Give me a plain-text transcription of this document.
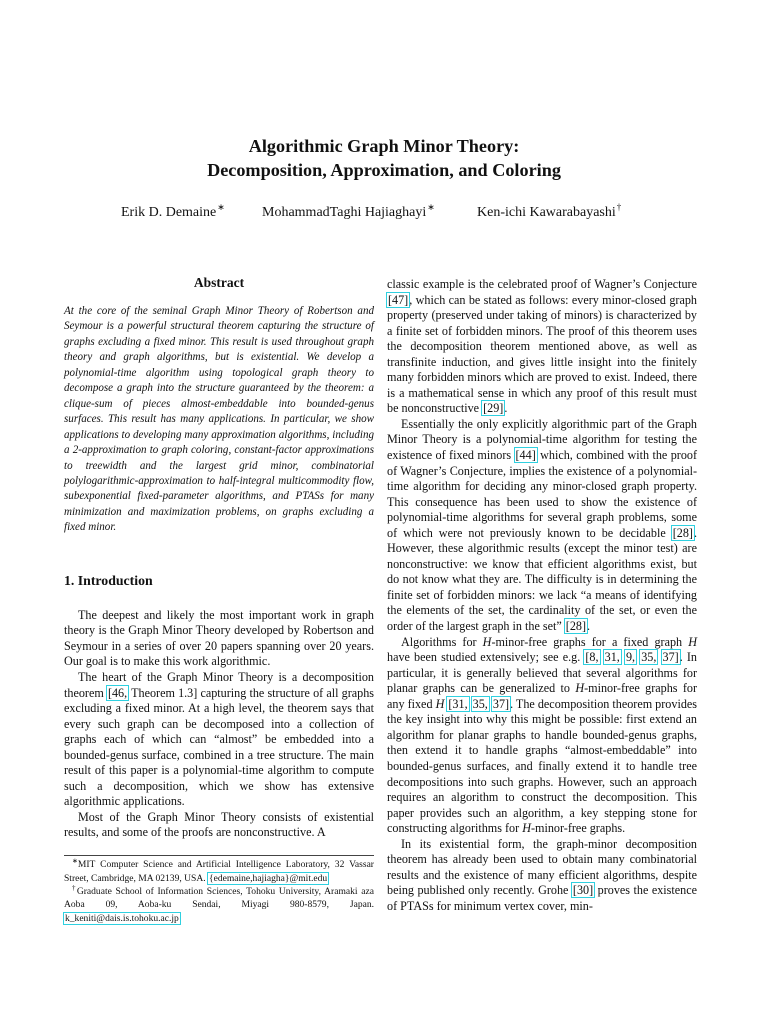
Algorithmic Graph Minor Theory:
Decomposition, Approximation, and Coloring
Erik D. Demaine∗	MohammadTaghi Hajiaghayi∗	Ken-ichi Kawarabayashi†
Abstract

At the core of the seminal Graph Minor Theory of Robertson and Seymour is a powerful structural theorem capturing the structure of graphs excluding a fixed minor. This result is used throughout graph theory and graph algorithms, but is existential. We develop a polynomial-time algorithm using topological graph theory to decompose a graph into the structure guaranteed by the theorem: a clique-sum of pieces almost-embeddable into bounded-genus surfaces. This result has many applications. In particular, we show applications to developing many approximation algorithms, including a 2-approximation to graph coloring, constant-factor approximations to treewidth and the largest grid minor, combinatorial polylogarithmic-approximation to half-integral multicommodity flow, subexponential fixed-parameter algorithms, and PTASs for many minimization and maximization problems, on graphs excluding a fixed minor.

1. Introduction

The deepest and likely the most important work in graph theory is the Graph Minor Theory developed by Robertson and Seymour in a series of over 20 papers spanning over 20 years. Our goal is to make this work algorithmic.

The heart of the Graph Minor Theory is a decomposition theorem [46, Theorem 1.3] capturing the structure of all graphs excluding a fixed minor. At a high level, the theorem says that every such graph can be decomposed into a collection of graphs each of which can “almost” be embedded into a bounded-genus surface, combined in a tree structure. The main result of this paper is a polynomial-time algorithm to compute such a decomposition, which we show has extensive algorithmic applications.

Most of the Graph Minor Theory consists of existential results, and some of the proofs are nonconstructive. A

classic example is the celebrated proof of Wagner’s Conjecture [47], which can be stated as follows: every minor-closed graph property (preserved under taking of minors) is characterized by a finite set of forbidden minors. The proof of this theorem uses the decomposition theorem mentioned above, as well as transfinite induction, and gives little insight into the finitely many forbidden minors which are proved to exist. Indeed, there is a mathematical sense in which any proof of this result must be nonconstructive [29].

Essentially the only explicitly algorithmic part of the Graph Minor Theory is a polynomial-time algorithm for testing the existence of fixed minors [44] which, combined with the proof of Wagner’s Conjecture, implies the existence of a polynomial-time algorithm for deciding any minor-closed graph property. This consequence has been used to show the existence of polynomial-time algorithms for several graph problems, some of which were not previously known to be decidable [28]. However, these algorithmic results (except the minor test) are nonconstructive: we know that efficient algorithms exist, but do not know what they are. The difficulty is in determining the finite set of forbidden minors: we lack “a means of identifying the elements of the set, the cardinality of the set, or even the order of the largest graph in the set” [28].

Algorithms for H-minor-free graphs for a fixed graph H have been studied extensively; see e.g. [8, 31, 9, 35, 37]. In particular, it is generally believed that several algorithms for planar graphs can be generalized to H-minor-free graphs for any fixed H [31, 35, 37]. The decomposition theorem provides the key insight into why this might be possible: first extend an algorithm for planar graphs to handle bounded-genus graphs, then extend it to handle graphs “almost-embeddable” into bounded-genus surfaces, and finally extend it to handle tree decompositions into such graphs. However, such an approach requires an algorithm to construct the decomposition. This paper provides such an algorithm, a key stepping stone for constructing algorithms for H-minor-free graphs.

In its existential form, the graph-minor decomposition theorem has already been used to obtain many combinatorial results and the existence of many efficient algorithms, despite being published only recently. Grohe [30] proves the existence of PTASs for minimum vertex cover, min-

∗MIT Computer Science and Artificial Intelligence Laboratory, 32 Vassar Street, Cambridge, MA 02139, USA. {edemaine,hajiagha}@mit.edu

†Graduate School of Information Sciences, Tohoku University, Aramaki aza Aoba 09, Aoba-ku Sendai, Miyagi 980-8579, Japan. k_keniti@dais.is.tohoku.ac.jp
